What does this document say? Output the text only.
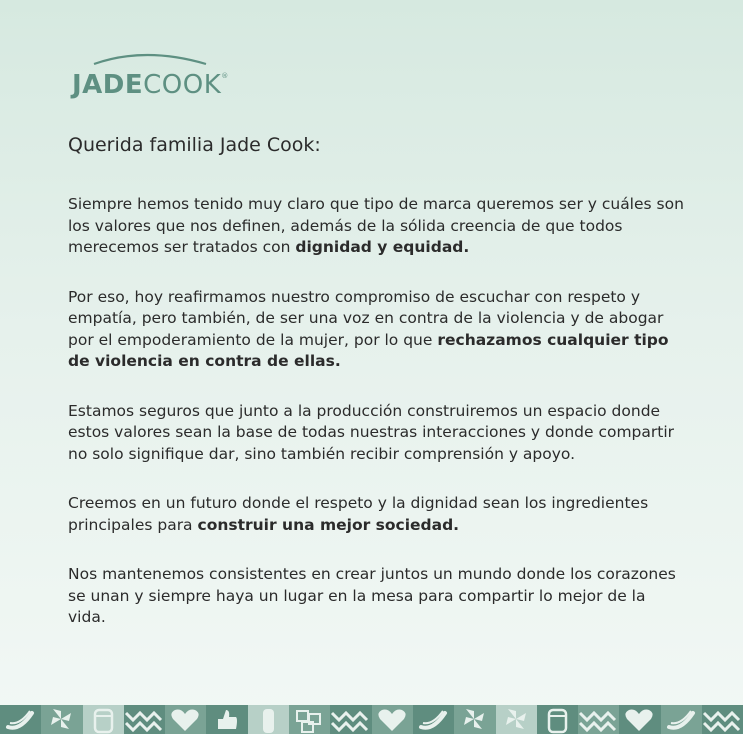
JADECOOK®

Querida familia Jade Cook:

Siempre hemos tenido muy claro que tipo de marca queremos ser y cuáles son los valores que nos definen, además de la sólida creencia de que todos merecemos ser tratados con dignidad y equidad.

Por eso, hoy reafirmamos nuestro compromiso de escuchar con respeto y empatía, pero también, de ser una voz en contra de la violencia y de abogar por el empoderamiento de la mujer, por lo que rechazamos cualquier tipo de violencia en contra de ellas.

Estamos seguros que junto a la producción construiremos un espacio donde estos valores sean la base de todas nuestras interacciones y donde compartir no solo signifique dar, sino también recibir comprensión y apoyo.

Creemos en un futuro donde el respeto y la dignidad sean los ingredientes principales para construir una mejor sociedad.

Nos mantenemos consistentes en crear juntos un mundo donde los corazones se unan y siempre haya un lugar en la mesa para compartir lo mejor de la vida.
